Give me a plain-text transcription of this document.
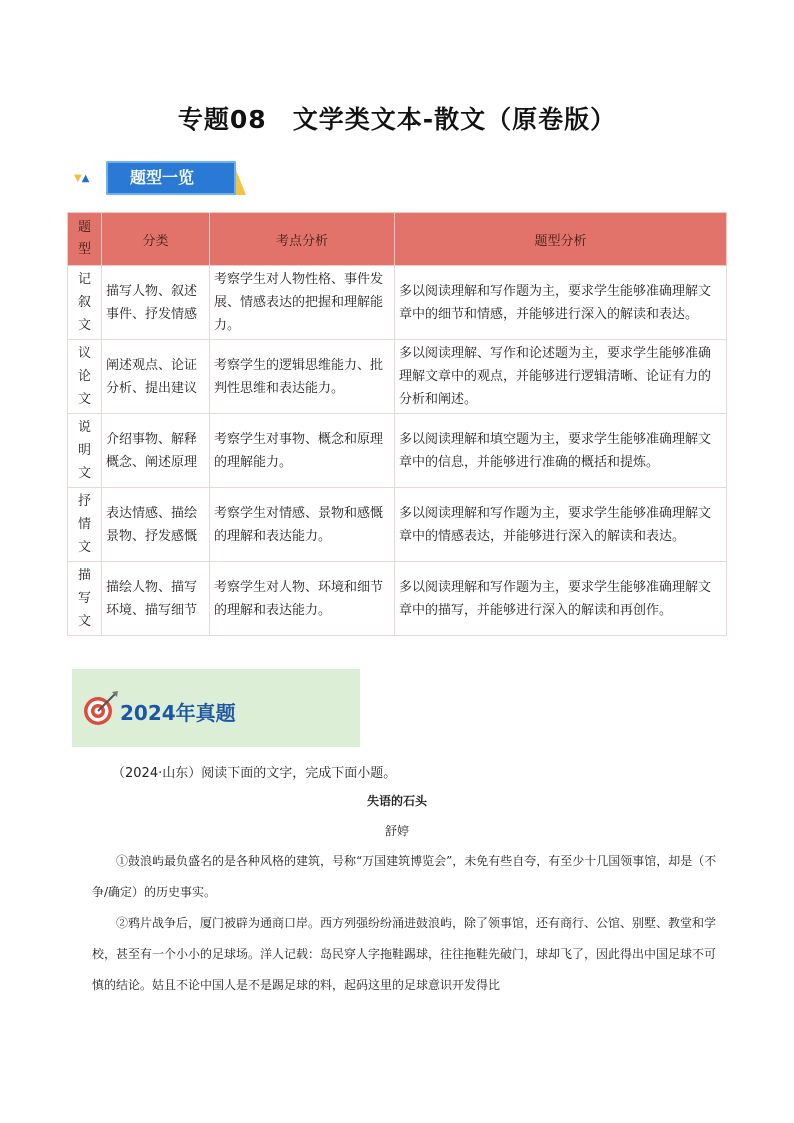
专题08　文学类文本-散文（原卷版）
▼▲	题型一览
题
型	分类	考点分析	题型分析
记
叙
文	描写人物、叙述事件、抒发情感	考察学生对人物性格、事件发展、情感表达的把握和理解能力。	多以阅读理解和写作题为主，要求学生能够准确理解文章中的细节和情感，并能够进行深入的解读和表达。
议
论
文	阐述观点、论证分析、提出建议	考察学生的逻辑思维能力、批判性思维和表达能力。	多以阅读理解、写作和论述题为主，要求学生能够准确理解文章中的观点，并能够进行逻辑清晰、论证有力的分析和阐述。
说
明
文	介绍事物、解释概念、阐述原理	考察学生对事物、概念和原理的理解能力。	多以阅读理解和填空题为主，要求学生能够准确理解文章中的信息，并能够进行准确的概括和提炼。
抒
情
文	表达情感、描绘景物、抒发感慨	考察学生对情感、景物和感慨的理解和表达能力。	多以阅读理解和写作题为主，要求学生能够准确理解文章中的情感表达，并能够进行深入的解读和表达。
描
写
文	描绘人物、描写环境、描写细节	考察学生对人物、环境和细节的理解和表达能力。	多以阅读理解和写作题为主，要求学生能够准确理解文章中的描写，并能够进行深入的解读和再创作。
2024年真题
（2024·山东）阅读下面的文字，完成下面小题。
失语的石头
舒婷
①鼓浪屿最负盛名的是各种风格的建筑，号称“万国建筑博览会”，未免有些自夸，有至少十几国领事馆，却是（不争/确定）的历史事实。
②鸦片战争后，厦门被辟为通商口岸。西方列强纷纷涌进鼓浪屿，除了领事馆，还有商行、公馆、别墅、教堂和学校，甚至有一个小小的足球场。洋人记载：岛民穿人字拖鞋踢球，往往拖鞋先破门，球却飞了，因此得出中国足球不可慎的结论。姑且不论中国人是不是踢足球的料，起码这里的足球意识开发得比
